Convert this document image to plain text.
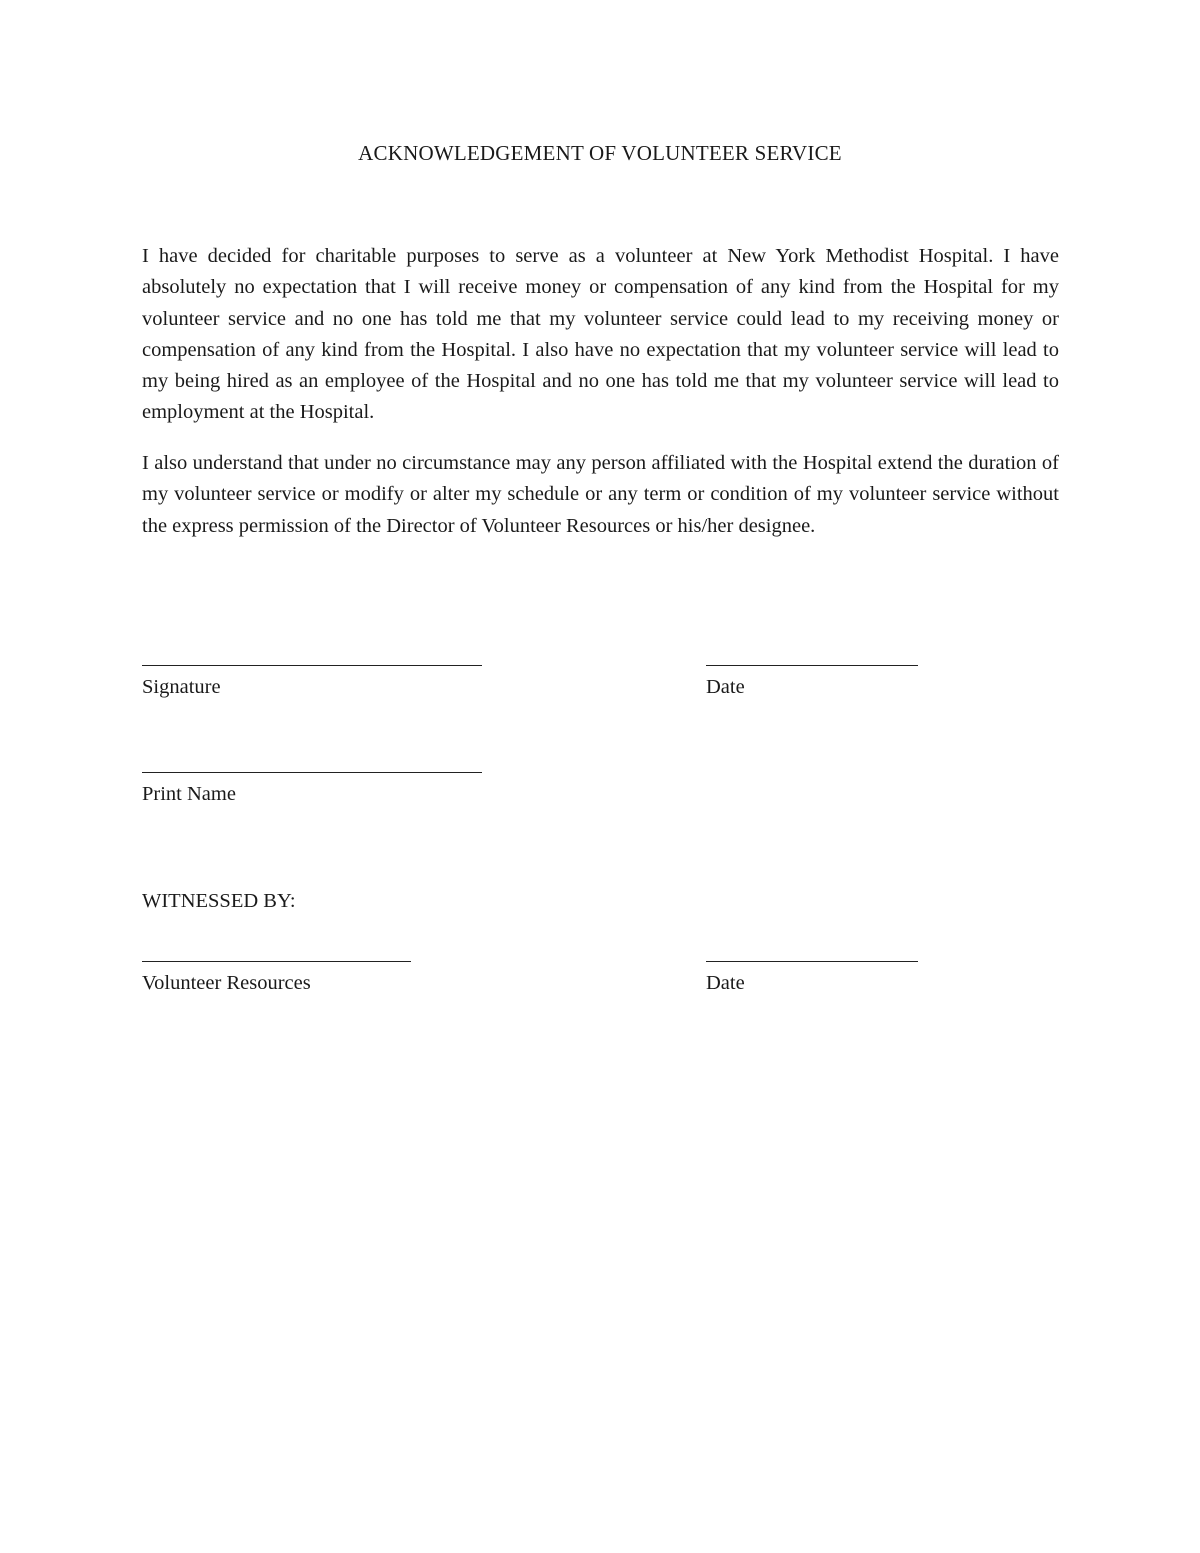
ACKNOWLEDGEMENT OF VOLUNTEER SERVICE
I have decided for charitable purposes to serve as a volunteer at New York Methodist Hospital. I have absolutely no expectation that I will receive money or compensation of any kind from the Hospital for my volunteer service and no one has told me that my volunteer service could lead to my receiving money or compensation of any kind from the Hospital. I also have no expectation that my volunteer service will lead to my being hired as an employee of the Hospital and no one has told me that my volunteer service will lead to employment at the Hospital.
I also understand that under no circumstance may any person affiliated with the Hospital extend the duration of my volunteer service or modify or alter my schedule or any term or condition of my volunteer service without the express permission of the Director of Volunteer Resources or his/her designee.
Signature	Date
Print Name
WITNESSED BY:
Volunteer Resources	Date
